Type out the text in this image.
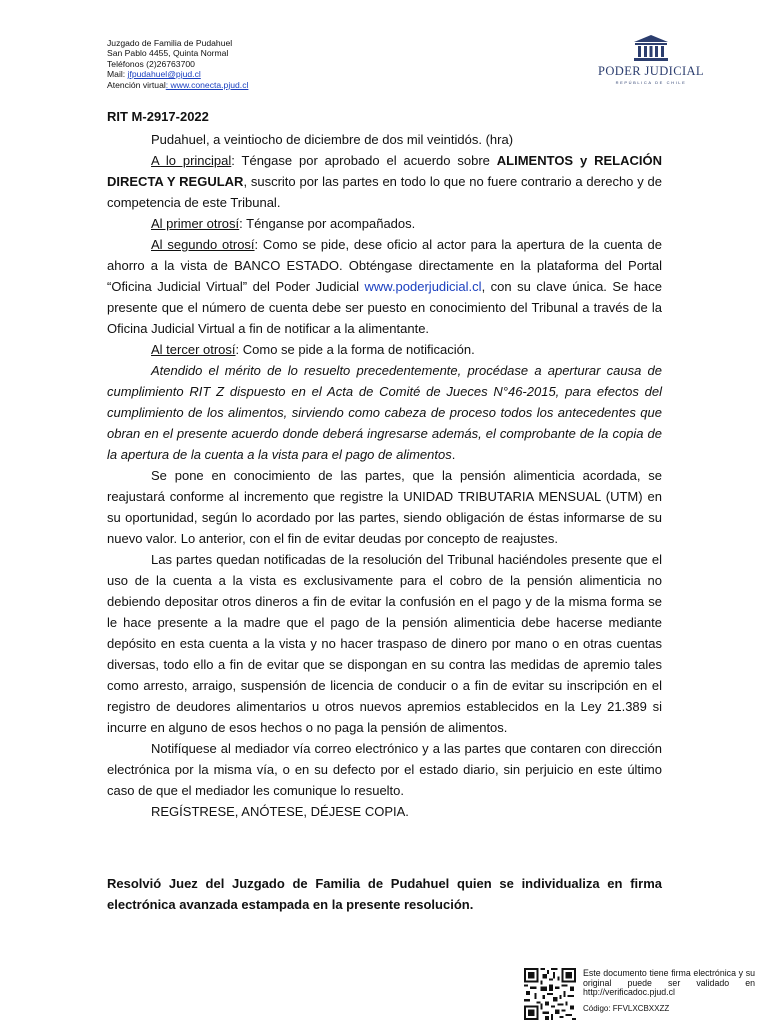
Juzgado de Familia de Pudahuel
San Pablo 4455, Quinta Normal
Teléfonos (2)26763700
Mail: jfpudahuel@pjud.cl
Atención virtual: www.conecta.pjud.cl
PODER JUDICIAL
REPÚBLICA DE CHILE
RIT M-2917-2022

Pudahuel, a veintiocho de diciembre de dos mil veintidós. (hra)

A lo principal: Téngase por aprobado el acuerdo sobre ALIMENTOS y RELACIÓN DIRECTA Y REGULAR, suscrito por las partes en todo lo que no fuere contrario a derecho y de competencia de este Tribunal.

Al primer otrosí: Ténganse por acompañados.

Al segundo otrosí: Como se pide, dese oficio al actor para la apertura de la cuenta de ahorro a la vista de BANCO ESTADO. Obténgase directamente en la plataforma del Portal “Oficina Judicial Virtual” del Poder Judicial www.poderjudicial.cl, con su clave única. Se hace presente que el número de cuenta debe ser puesto en conocimiento del Tribunal a través de la Oficina Judicial Virtual a fin de notificar a la alimentante.

Al tercer otrosí: Como se pide a la forma de notificación.

Atendido el mérito de lo resuelto precedentemente, procédase a aperturar causa de cumplimiento RIT Z dispuesto en el Acta de Comité de Jueces N°46-2015, para efectos del cumplimiento de los alimentos, sirviendo como cabeza de proceso todos los antecedentes que obran en el presente acuerdo donde deberá ingresarse además, el comprobante de la copia de la apertura de la cuenta a la vista para el pago de alimentos.

Se pone en conocimiento de las partes, que la pensión alimenticia acordada, se reajustará conforme al incremento que registre la UNIDAD TRIBUTARIA MENSUAL (UTM) en su oportunidad, según lo acordado por las partes, siendo obligación de éstas informarse de su nuevo valor. Lo anterior, con el fin de evitar deudas por concepto de reajustes.

Las partes quedan notificadas de la resolución del Tribunal haciéndoles presente que el uso de la cuenta a la vista es exclusivamente para el cobro de la pensión alimenticia no debiendo depositar otros dineros a fin de evitar la confusión en el pago y de la misma forma se le hace presente a la madre que el pago de la pensión alimenticia debe hacerse mediante depósito en esta cuenta a la vista y no hacer traspaso de dinero por mano o en otras cuentas diversas, todo ello a fin de evitar que se dispongan en su contra las medidas de apremio tales como arresto, arraigo, suspensión de licencia de conducir o a fin de evitar su inscripción en el registro de deudores alimentarios u otros nuevos apremios establecidos en la Ley 21.389 si incurre en alguno de esos hechos o no paga la pensión de alimentos.

Notifíquese al mediador vía correo electrónico y a las partes que contaren con dirección electrónica por la misma vía, o en su defecto por el estado diario, sin perjuicio en este último caso de que el mediador les comunique lo resuelto.

REGÍSTRESE, ANÓTESE, DÉJESE COPIA.

Resolvió Juez del Juzgado de Familia de Pudahuel quien se individualiza en firma electrónica avanzada estampada en la presente resolución.
Este documento tiene firma electrónica y su original puede ser validado en http://verificadoc.pjud.cl
Código: FFVLXCBXXZZ
